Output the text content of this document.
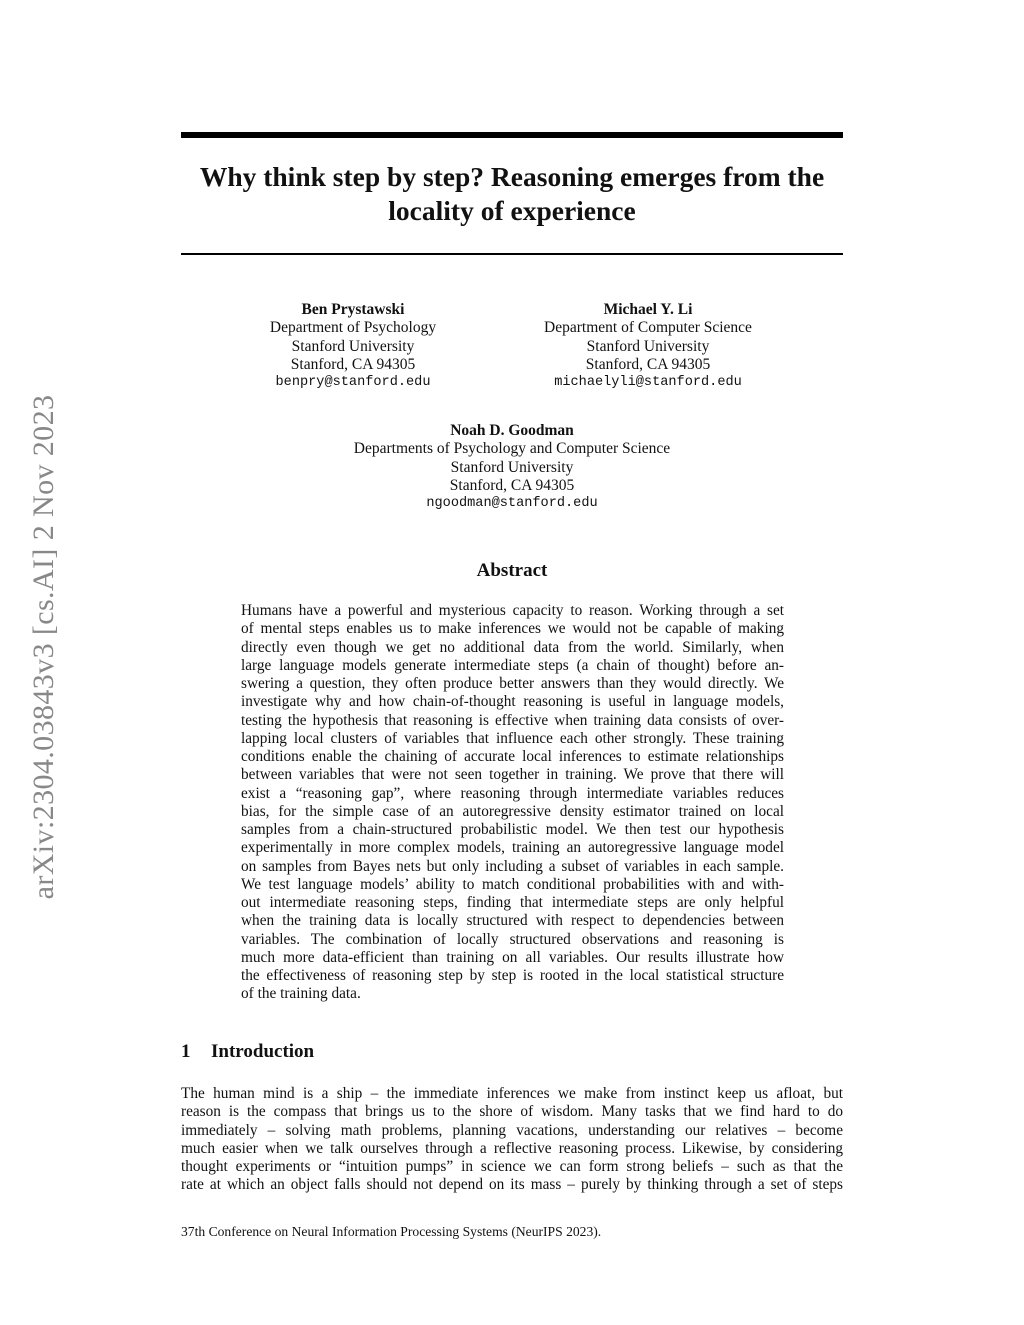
arXiv:2304.03843v3 [cs.AI] 2 Nov 2023
Why think step by step? Reasoning emerges from the
locality of experience
Ben Prystawski
Department of Psychology
Stanford University
Stanford, CA 94305
benpry@stanford.edu
Michael Y. Li
Department of Computer Science
Stanford University
Stanford, CA 94305
michaelyli@stanford.edu
Noah D. Goodman
Departments of Psychology and Computer Science
Stanford University
Stanford, CA 94305
ngoodman@stanford.edu
Abstract
Humans have a powerful and mysterious capacity to reason. Working through a set
of mental steps enables us to make inferences we would not be capable of making
directly even though we get no additional data from the world. Similarly, when
large language models generate intermediate steps (a chain of thought) before an-
swering a question, they often produce better answers than they would directly. We
investigate why and how chain-of-thought reasoning is useful in language models,
testing the hypothesis that reasoning is effective when training data consists of over-
lapping local clusters of variables that influence each other strongly. These training
conditions enable the chaining of accurate local inferences to estimate relationships
between variables that were not seen together in training. We prove that there will
exist a “reasoning gap”, where reasoning through intermediate variables reduces
bias, for the simple case of an autoregressive density estimator trained on local
samples from a chain-structured probabilistic model. We then test our hypothesis
experimentally in more complex models, training an autoregressive language model
on samples from Bayes nets but only including a subset of variables in each sample.
We test language models’ ability to match conditional probabilities with and with-
out intermediate reasoning steps, finding that intermediate steps are only helpful
when the training data is locally structured with respect to dependencies between
variables. The combination of locally structured observations and reasoning is
much more data-efficient than training on all variables. Our results illustrate how
the effectiveness of reasoning step by step is rooted in the local statistical structure
of the training data.
1 Introduction
The human mind is a ship – the immediate inferences we make from instinct keep us afloat, but
reason is the compass that brings us to the shore of wisdom. Many tasks that we find hard to do
immediately – solving math problems, planning vacations, understanding our relatives – become
much easier when we talk ourselves through a reflective reasoning process. Likewise, by considering
thought experiments or “intuition pumps” in science we can form strong beliefs – such as that the
rate at which an object falls should not depend on its mass – purely by thinking through a set of steps
37th Conference on Neural Information Processing Systems (NeurIPS 2023).
